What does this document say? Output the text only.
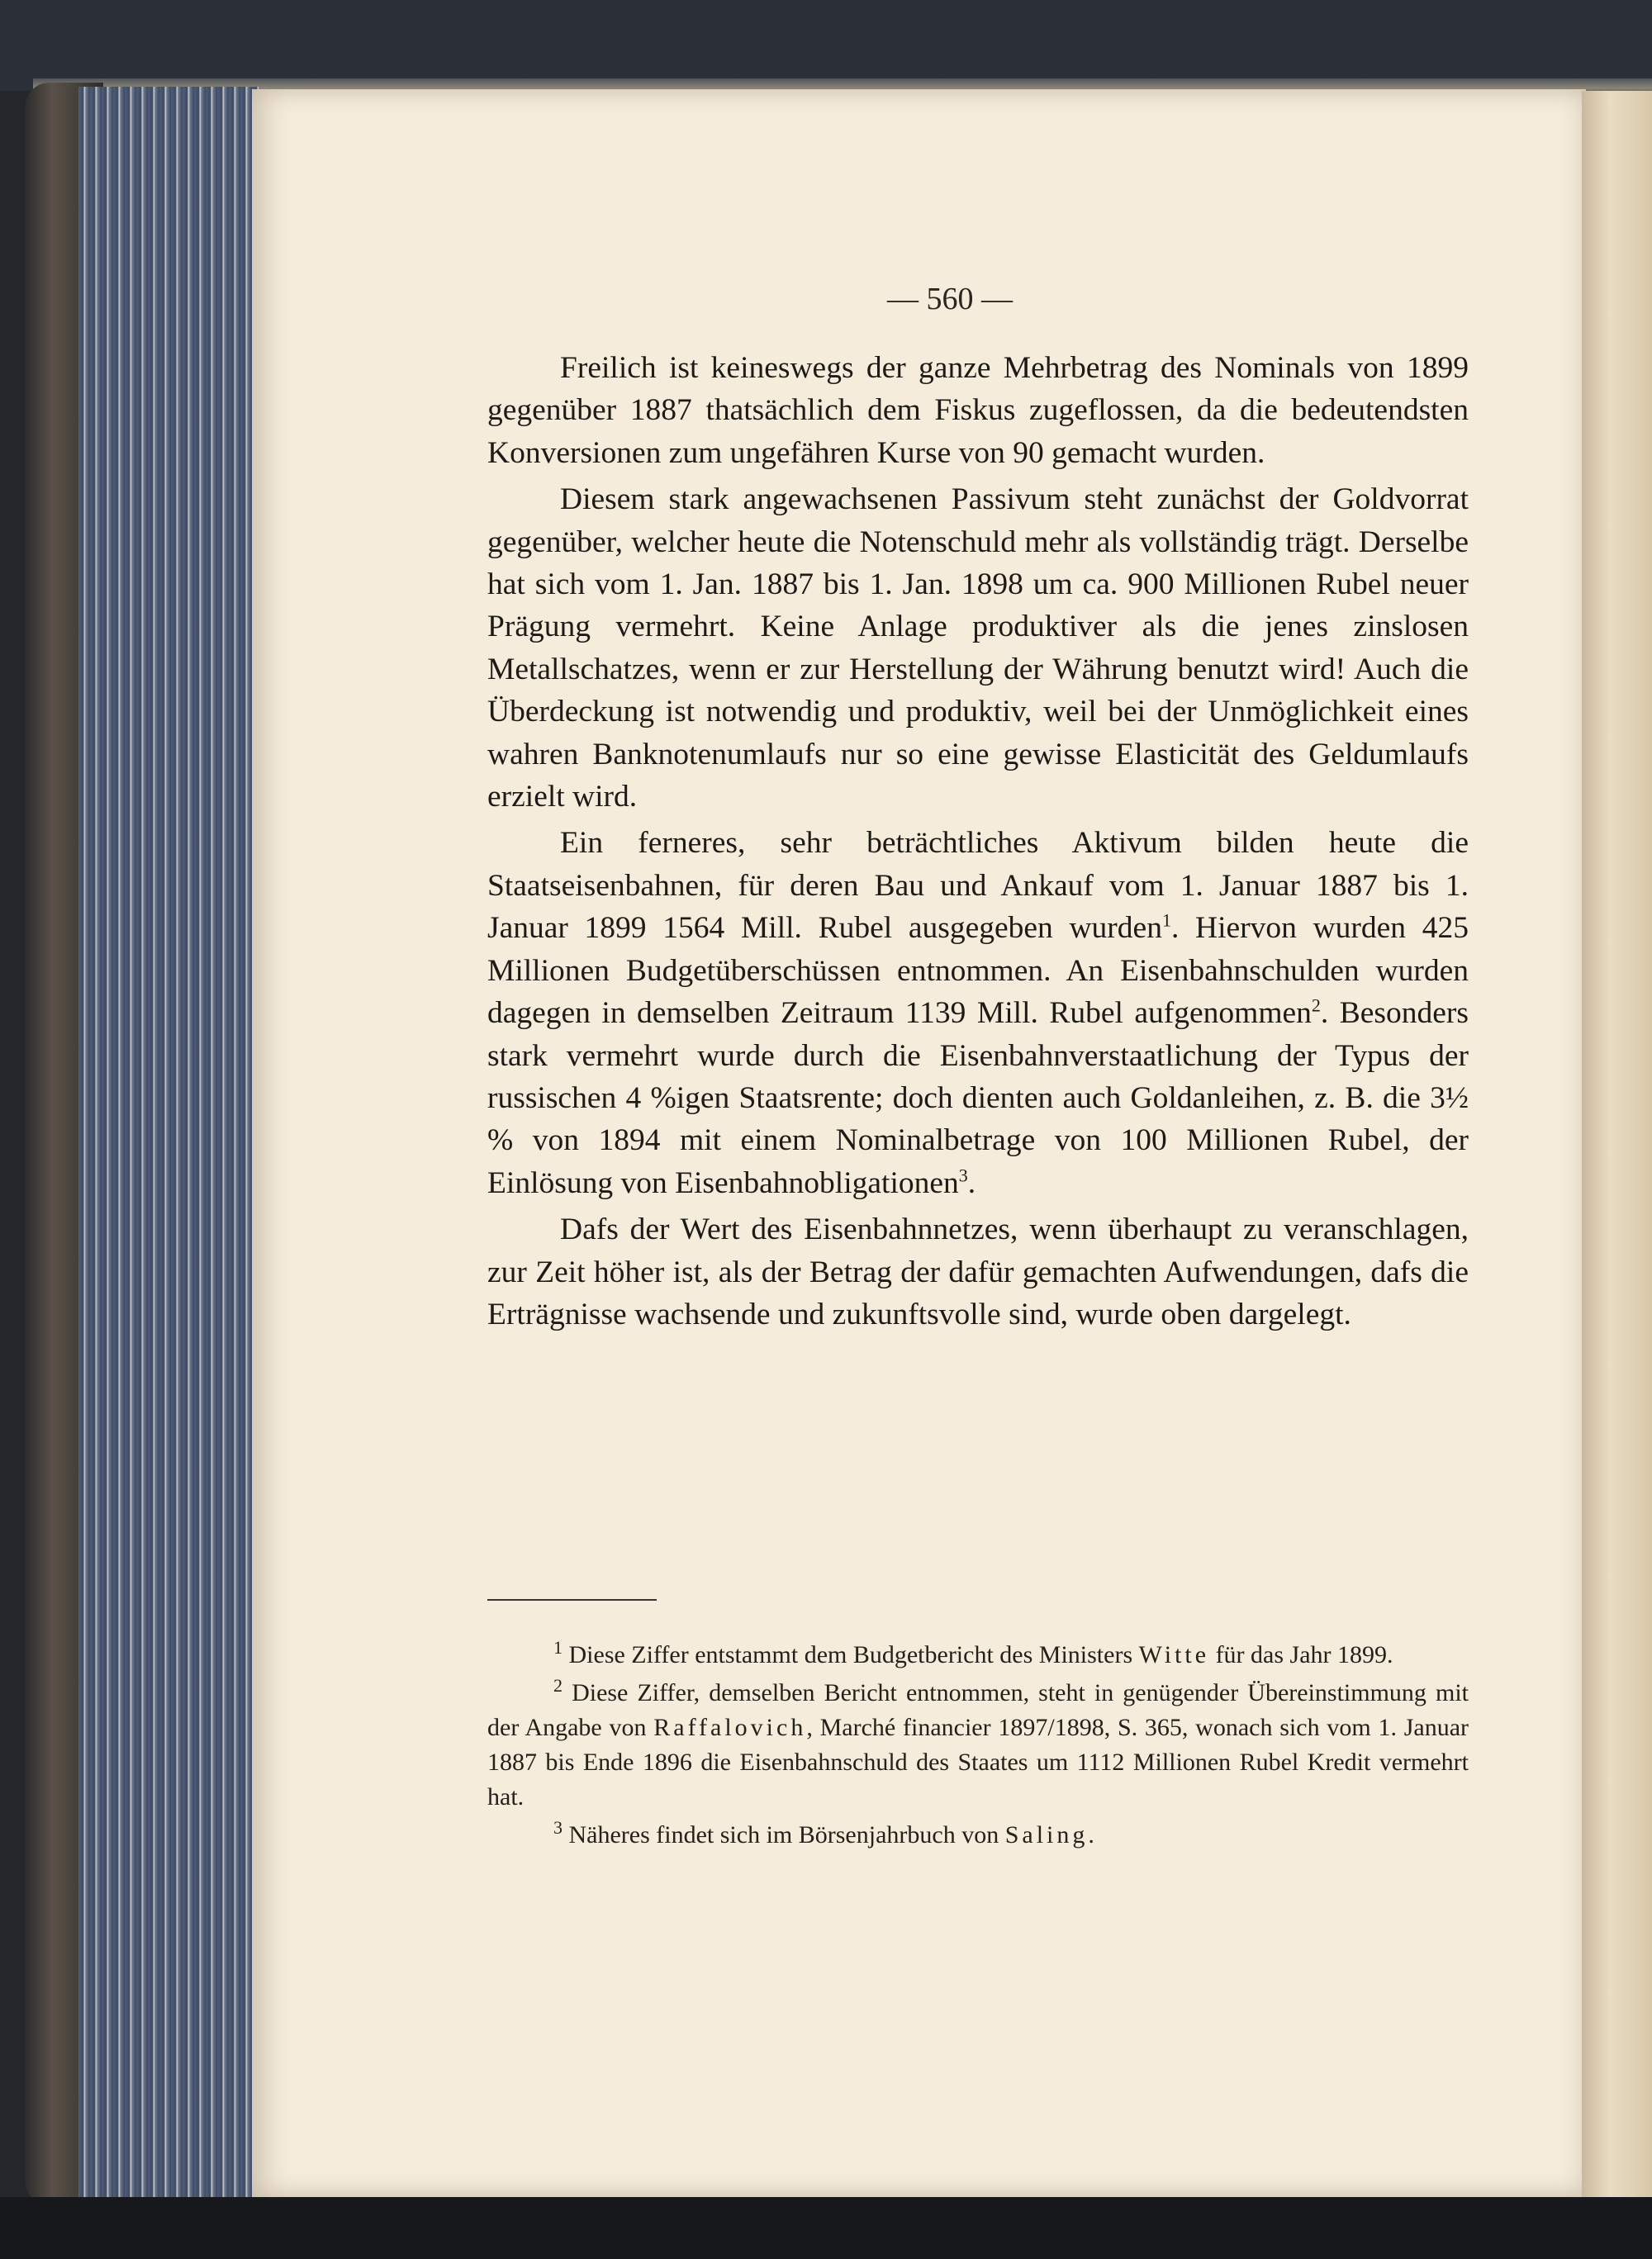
— 560 —

Freilich ist keineswegs der ganze Mehrbetrag des Nominals von 1899 gegenüber 1887 thatsächlich dem Fiskus zugeflossen, da die bedeutendsten Konversionen zum ungefähren Kurse von 90 gemacht wurden.

Diesem stark angewachsenen Passivum steht zunächst der Goldvorrat gegenüber, welcher heute die Notenschuld mehr als vollständig trägt. Derselbe hat sich vom 1. Jan. 1887 bis 1. Jan. 1898 um ca. 900 Millionen Rubel neuer Prägung vermehrt. Keine Anlage produktiver als die jenes zinslosen Metallschatzes, wenn er zur Herstellung der Währung benutzt wird! Auch die Überdeckung ist notwendig und produktiv, weil bei der Unmöglichkeit eines wahren Banknotenumlaufs nur so eine gewisse Elasticität des Geldumlaufs erzielt wird.

Ein ferneres, sehr beträchtliches Aktivum bilden heute die Staatseisenbahnen, für deren Bau und Ankauf vom 1. Januar 1887 bis 1. Januar 1899 1564 Mill. Rubel ausgegeben wurden$^1$. Hiervon wurden 425 Millionen Budgetüberschüssen entnommen. An Eisenbahnschulden wurden dagegen in demselben Zeitraum 1139 Mill. Rubel aufgenommen$^2$. Besonders stark vermehrt wurde durch die Eisenbahnverstaatlichung der Typus der russischen 4 %igen Staatsrente; doch dienten auch Goldanleihen, z. B. die 3½ % von 1894 mit einem Nominalbetrage von 100 Millionen Rubel, der Einlösung von Eisenbahnobligationen$^3$.

Dafs der Wert des Eisenbahnnetzes, wenn überhaupt zu veranschlagen, zur Zeit höher ist, als der Betrag der dafür gemachten Aufwendungen, dafs die Erträgnisse wachsende und zukunftsvolle sind, wurde oben dargelegt.

$^1$ Diese Ziffer entstammt dem Budgetbericht des Ministers Witte für das Jahr 1899.

$^2$ Diese Ziffer, demselben Bericht entnommen, steht in genügender Übereinstimmung mit der Angabe von Raffalovich, Marché financier 1897/1898, S. 365, wonach sich vom 1. Januar 1887 bis Ende 1896 die Eisenbahnschuld des Staates um 1112 Millionen Rubel Kredit vermehrt hat.

$^3$ Näheres findet sich im Börsenjahrbuch von Saling.
